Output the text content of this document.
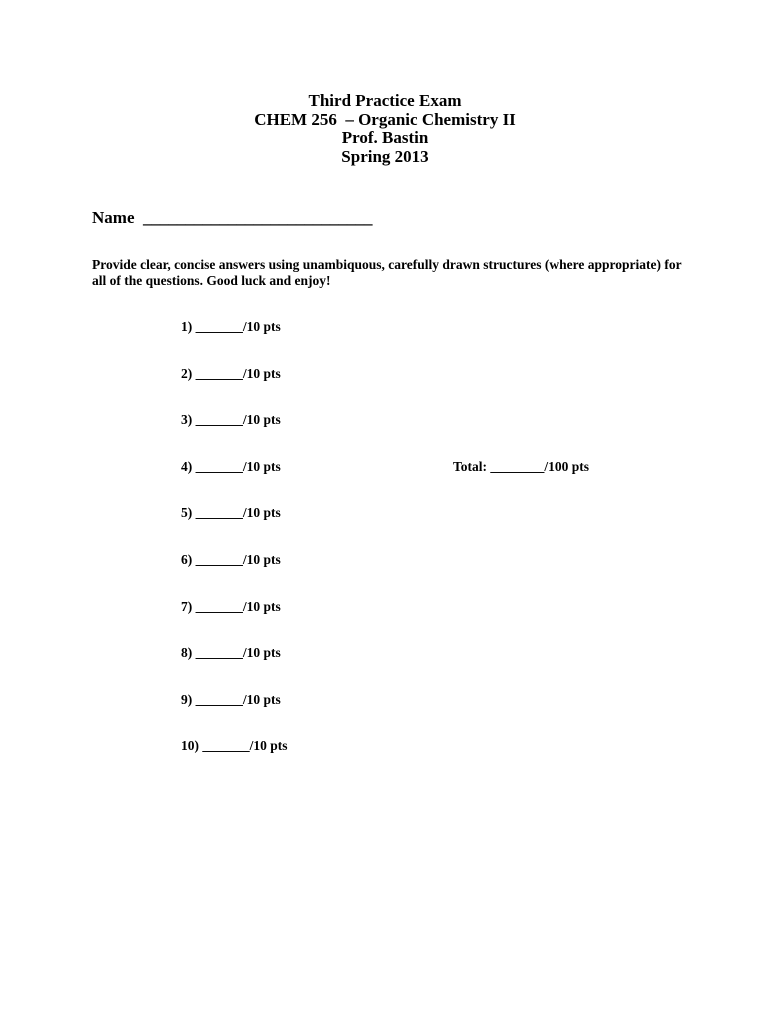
Third Practice Exam
CHEM 256  – Organic Chemistry II
Prof. Bastin
Spring 2013
Name  ___________________________
Provide clear, concise answers using unambiquous, carefully drawn structures (where appropriate) for all of the questions. Good luck and enjoy!
1) _______/10 pts
2) _______/10 pts
3) _______/10 pts
4) _______/10 pts
5) _______/10 pts
6) _______/10 pts
7) _______/10 pts
8) _______/10 pts
9) _______/10 pts
10) _______/10 pts
Total: ________/100 pts
